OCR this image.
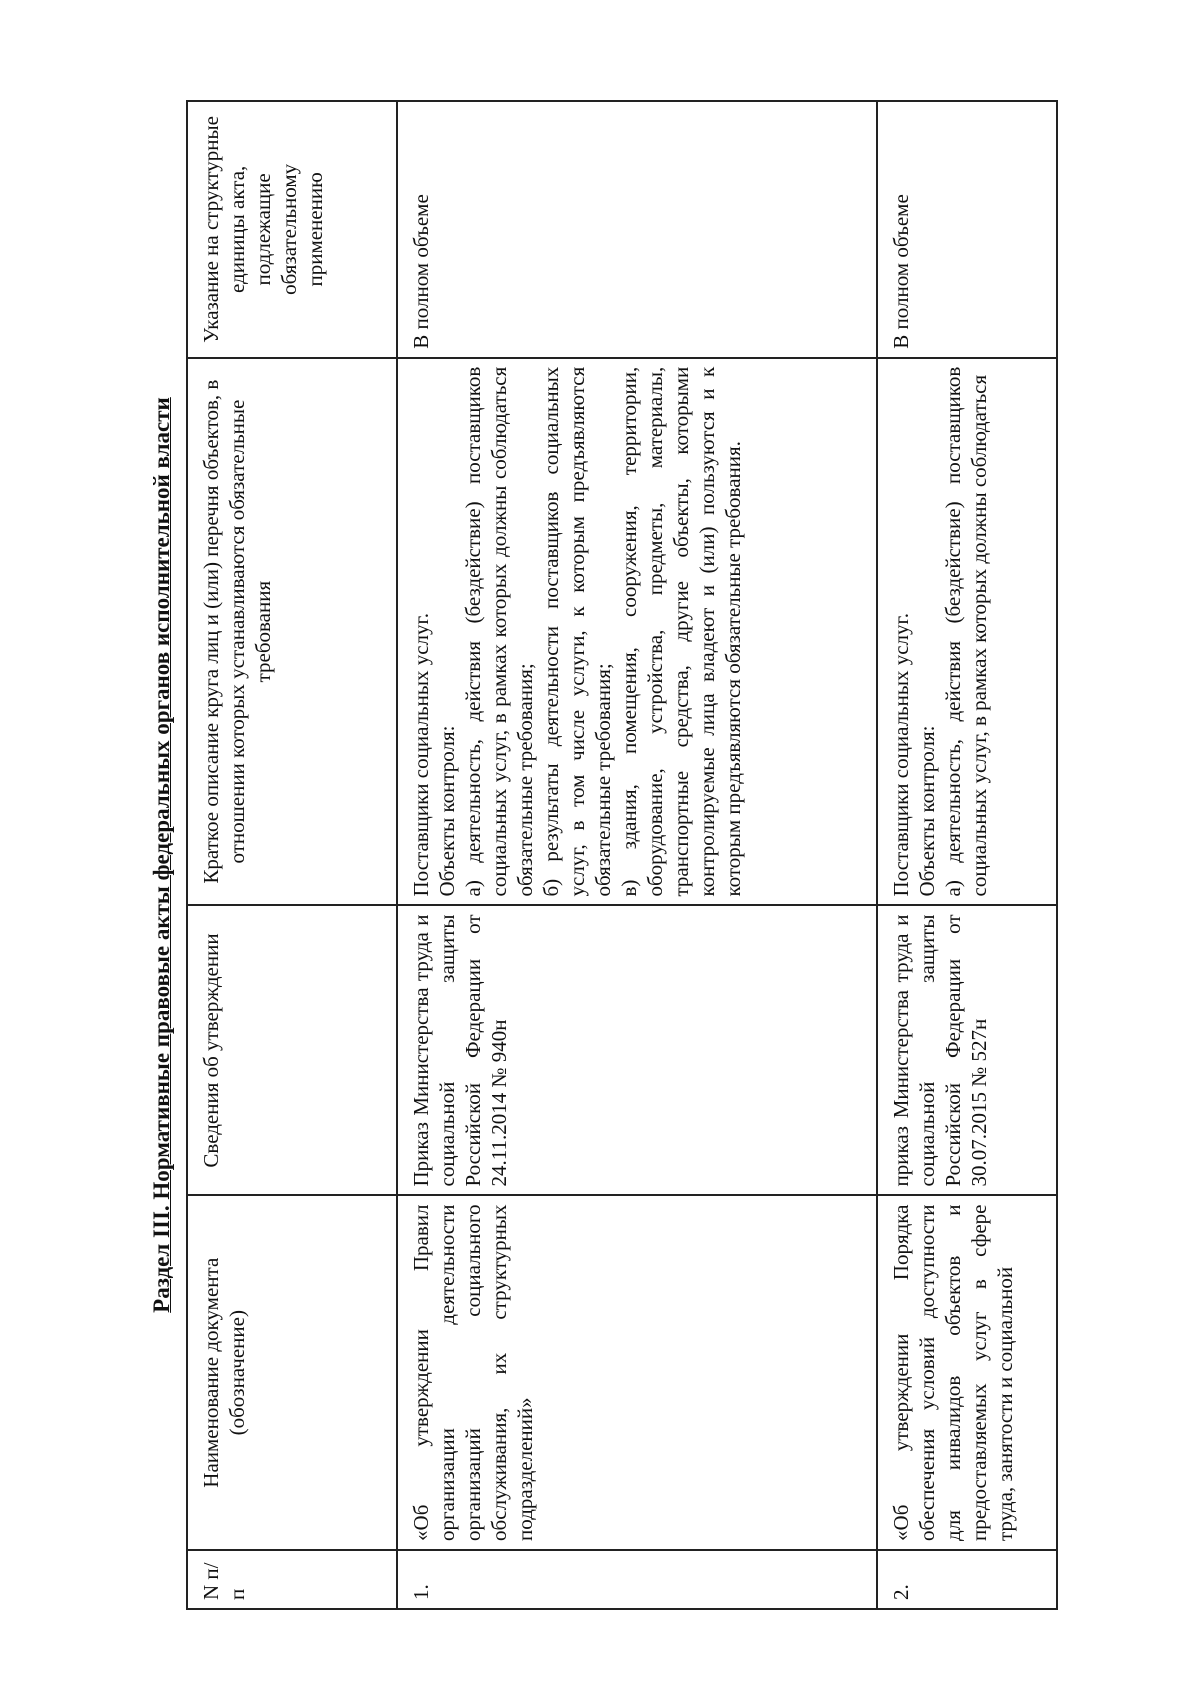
Раздел III. Нормативные правовые акты федеральных органов исполнительной власти
N п/п	Наименование документа (обозначение)	Сведения об утверждении	Краткое описание круга лиц и (или) перечня объектов, в отношении которых устанавливаются обязательные требования	Указание на структурные единицы акта, подлежащие обязательному применению
1.	«Об утверждении Правил организации деятельности организаций социального обслуживания, их структурных подразделений»	Приказ Министерства труда и социальной защиты Российской Федерации от 24.11.2014 № 940н	Поставщики социальных услуг. Объекты контроля: а) деятельность, действия (бездействие) поставщиков социальных услуг, в рамках которых должны соблюдаться обязательные требования; б) результаты деятельности поставщиков социальных услуг, в том числе услуги, к которым предъявляются обязательные требования; в) здания, помещения, сооружения, территории, оборудование, устройства, предметы, материалы, транспортные средства, другие объекты, которыми контролируемые лица владеют и (или) пользуются и к которым предъявляются обязательные требования.	В полном объеме
2.	«Об утверждении Порядка обеспечения условий доступности для инвалидов объектов и предоставляемых услуг в сфере труда, занятости и социальной	приказ Министерства труда и социальной защиты Российской Федерации от 30.07.2015 № 527н	Поставщики социальных услуг. Объекты контроля: а) деятельность, действия (бездействие) поставщиков социальных услуг, в рамках которых должны соблюдаться	В полном объеме
